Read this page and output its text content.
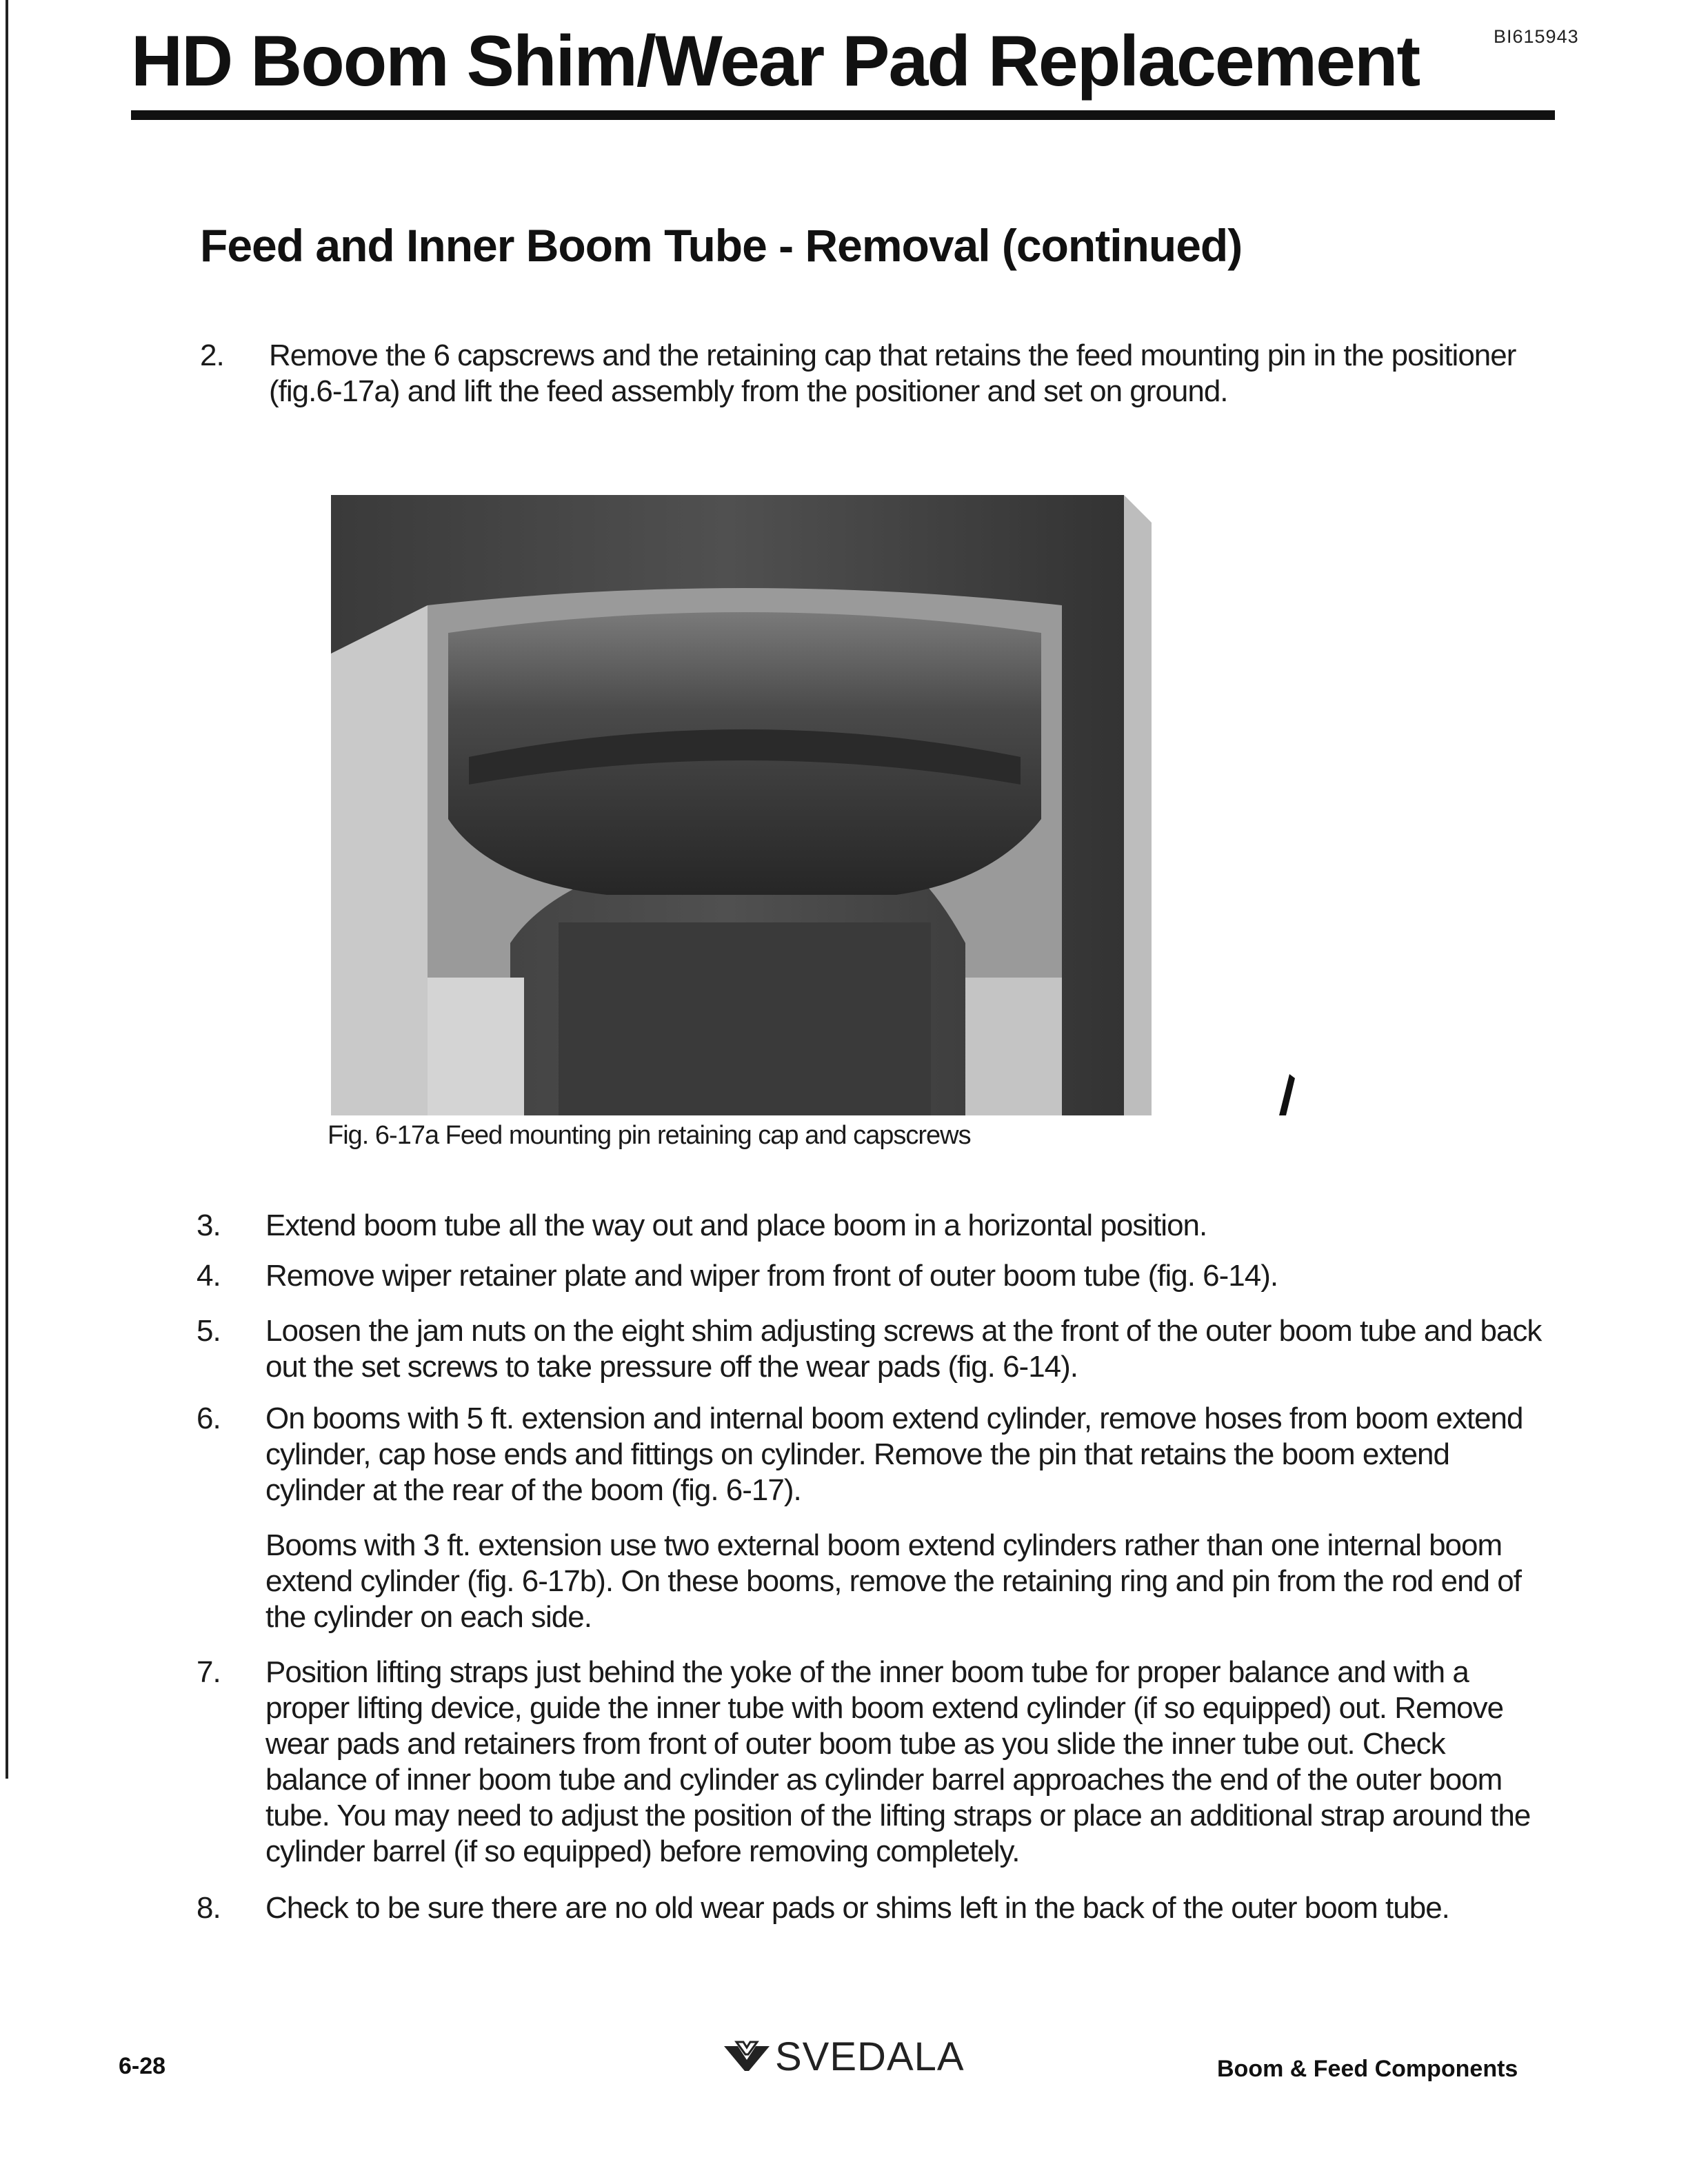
HD Boom Shim/Wear Pad Replacement	BI615943
Feed and Inner Boom Tube - Removal (continued)
2. Remove the 6 capscrews and the retaining cap that retains the feed mounting pin in the positioner (fig.6-17a) and lift the feed assembly from the positioner and set on ground.
Fig. 6-17a Feed mounting pin retaining cap and capscrews
3. Extend boom tube all the way out and place boom in a horizontal position.
4. Remove wiper retainer plate and wiper from front of outer boom tube (fig. 6-14).
5. Loosen the jam nuts on the eight shim adjusting screws at the front of the outer boom tube and back out the set screws to take pressure off the wear pads (fig. 6-14).
6. On booms with 5 ft. extension and internal boom extend cylinder, remove hoses from boom extend cylinder, cap hose ends and fittings on cylinder. Remove the pin that retains the boom extend cylinder at the rear of the boom (fig. 6-17).
Booms with 3 ft. extension use two external boom extend cylinders rather than one internal boom extend cylinder (fig. 6-17b). On these booms, remove the retaining ring and pin from the rod end of the cylinder on each side.
7. Position lifting straps just behind the yoke of the inner boom tube for proper balance and with a proper lifting device, guide the inner tube with boom extend cylinder (if so equipped) out. Remove wear pads and retainers from front of outer boom tube as you slide the inner tube out. Check balance of inner boom tube and cylinder as cylinder barrel approaches the end of the outer boom tube. You may need to adjust the position of the lifting straps or place an additional strap around the cylinder barrel (if so equipped) before removing completely.
8. Check to be sure there are no old wear pads or shims left in the back of the outer boom tube.
6-28	SVEDALA	Boom & Feed Components
